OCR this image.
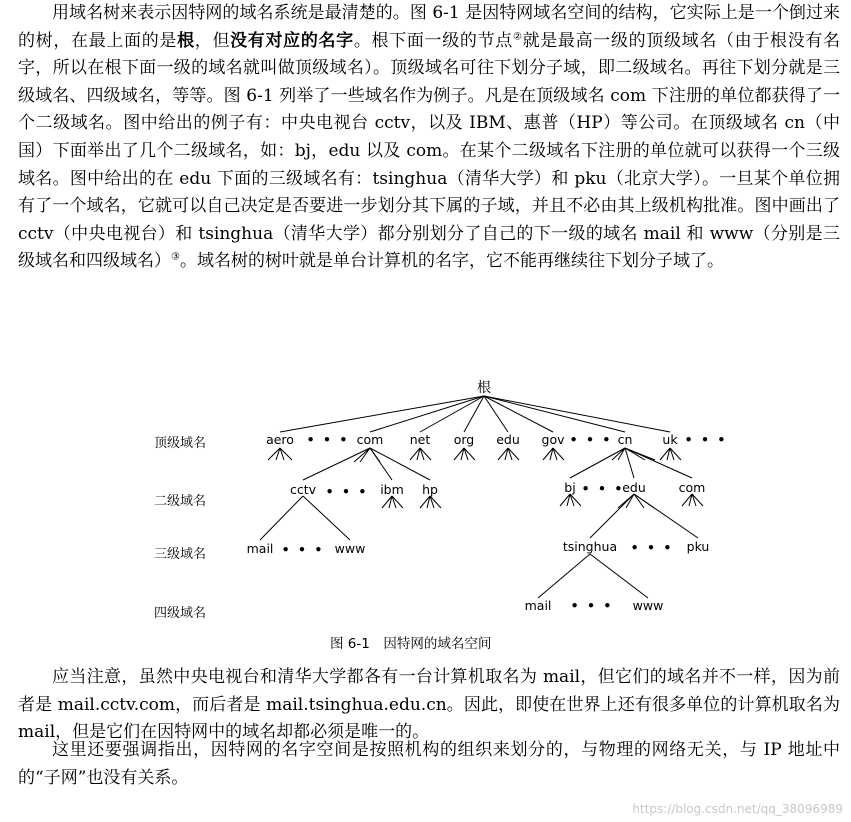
用域名树来表示因特网的域名系统是最清楚的。图 6-1 是因特网域名空间的结构，它实际上是一个倒过来的树，在最上面的是根，但没有对应的名字。根下面一级的节点②就是最高一级的顶级域名（由于根没有名字，所以在根下面一级的域名就叫做顶级域名）。顶级域名可往下划分子域，即二级域名。再往下划分就是三级域名、四级域名，等等。图 6-1 列举了一些域名作为例子。凡是在顶级域名 com 下注册的单位都获得了一个二级域名。图中给出的例子有：中央电视台 cctv，以及 IBM、惠普（HP）等公司。在顶级域名 cn（中国）下面举出了几个二级域名，如：bj，edu 以及 com。在某个二级域名下注册的单位就可以获得一个三级域名。图中给出的在 edu 下面的三级域名有：tsinghua（清华大学）和 pku（北京大学）。一旦某个单位拥有了一个域名，它就可以自己决定是否要进一步划分其下属的子域，并且不必由其上级机构批准。图中画出了 cctv（中央电视台）和 tsinghua（清华大学）都分别划分了自己的下一级的域名 mail 和 www（分别是三级域名和四级域名）③。域名树的树叶就是单台计算机的名字，它不能再继续往下划分子域了。

根
顶级域名
二级域名
三级域名
四级域名
aero • • • com net org edu gov • • • cn uk • • •
cctv • • • ibm hp	bj • • •
edu	com
mail • • • www	tsinghua • • • pku
mail • • • www
图 6-1　因特网的域名空间

应当注意，虽然中央电视台和清华大学都各有一台计算机取名为 mail，但它们的域名并不一样，因为前者是 mail.cctv.com，而后者是 mail.tsinghua.edu.cn。因此，即使在世界上还有很多单位的计算机取名为 mail，但是它们在因特网中的域名却都必须是唯一的。

这里还要强调指出，因特网的名字空间是按照机构的组织来划分的，与物理的网络无关，与 IP 地址中的“子网”也没有关系。

https://blog.csdn.net/qq_38096989
